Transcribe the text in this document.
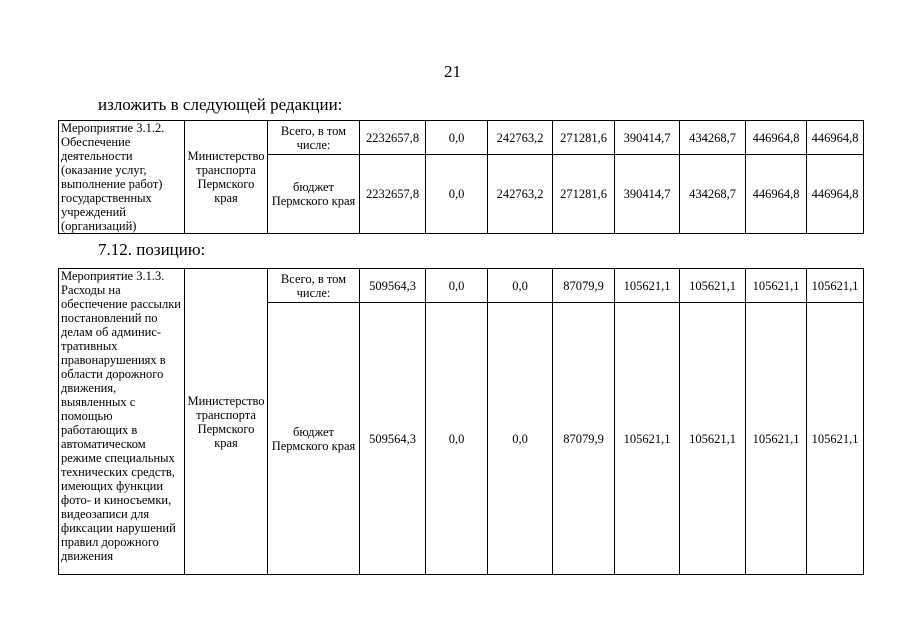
21
изложить в следующей редакции:
Мероприятие 3.1.2. Обеспечение деятельности (оказание услуг, выполнение работ) государственных учреждений (организаций)	Министерство транспорта Пермского края	Всего, в том числе:	2232657,8	0,0	242763,2	271281,6	390414,7	434268,7	446964,8	446964,8
		бюджет Пермского края	2232657,8	0,0	242763,2	271281,6	390414,7	434268,7	446964,8	446964,8
7.12. позицию:
Мероприятие 3.1.3. Расходы на обеспечение рассылки постановлений по делам об админис-тративных правонарушениях в области дорожного движения, выявленных с помощью работающих в автоматическом режиме специальных технических средств, имеющих функции фото- и киносъемки, видеозаписи для фиксации нарушений правил дорожного движения	Министерство транспорта Пермского края	Всего, в том числе:	509564,3	0,0	0,0	87079,9	105621,1	105621,1	105621,1	105621,1
		бюджет Пермского края	509564,3	0,0	0,0	87079,9	105621,1	105621,1	105621,1	105621,1
